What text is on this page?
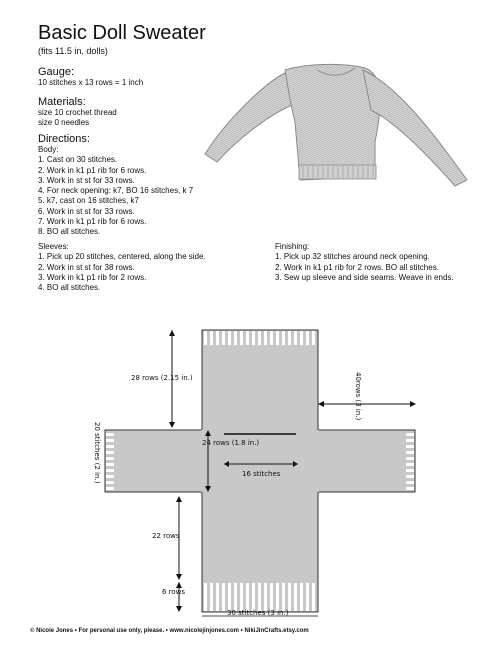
Basic Doll Sweater
(fits 11.5 in. dolls)
Gauge:
10 stitches x 13 rows = 1 inch
Materials:
size 10 crochet thread
size 0 needles
Directions:
Body:
1. Cast on 30 stitches.
2. Work in k1 p1 rib for 6 rows.
3. Work in st st for 33 rows.
4. For neck opening: k7, BO 16 stitches, k 7
5. k7, cast on 16 stitches, k7
6. Work in st st for 33 rows.
7. Work in k1 p1 rib for 6 rows.
8. BO all stitches.
Sleeves:
1. Pick up 20 stitches, centered, along the side.
2. Work in st st for 38 rows.
3. Work in k1 p1 rib for 2 rows.
4. BO all stitches.
Finishing:
1. Pick up 32 stitches around neck opening.
2. Work in k1 p1 rib for 2 rows. BO all stitches.
3. Sew up sleeve and side seams. Weave in ends.
28 rows (2.15 in.)
24 rows (1.8 in.)
16 stitches
22 rows
6 rows
30 stitches (3 in.)
40rows (3 in.)
20 stitches (2 in.)
© Nicole Jones • For personal use only, please. • www.nicolejinjones.com • NikiJinCrafts.etsy.com
